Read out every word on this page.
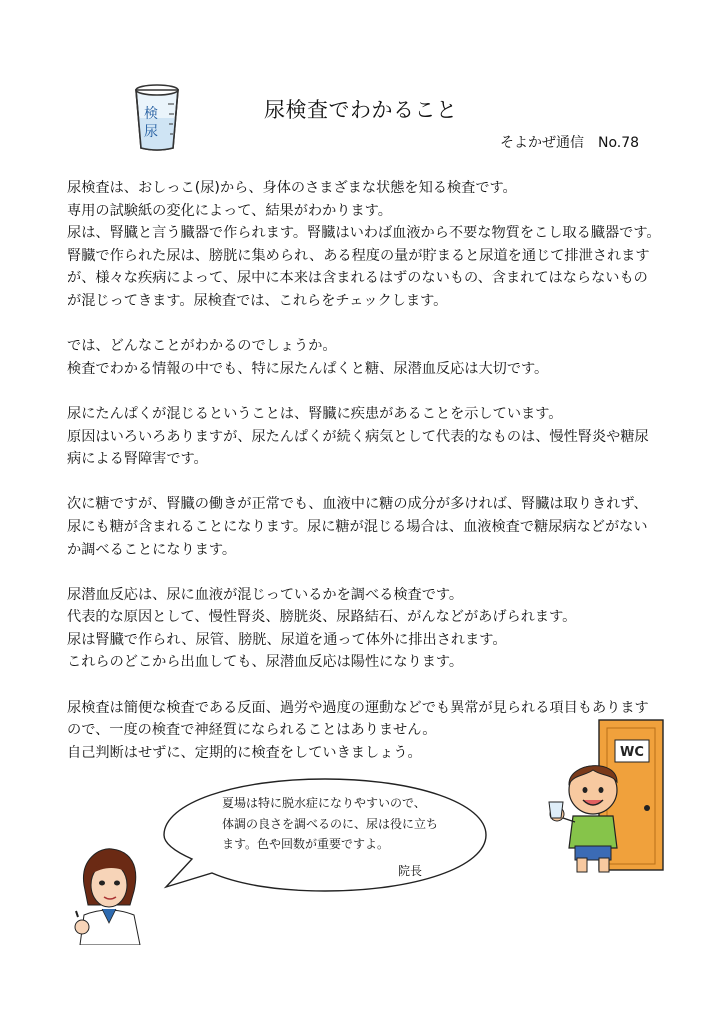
検
尿
尿検査でわかること
そよかぜ通信　No.78

尿検査は、おしっこ(尿)から、身体のさまざまな状態を知る検査です。
専用の試験紙の変化によって、結果がわかります。
尿は、腎臓と言う臓器で作られます。腎臓はいわば血液から不要な物質をこし取る臓器です。
腎臓で作られた尿は、膀胱に集められ、ある程度の量が貯まると尿道を通じて排泄されます
が、様々な疾病によって、尿中に本来は含まれるはずのないもの、含まれてはならないもの
が混じってきます。尿検査では、これらをチェックします。

では、どんなことがわかるのでしょうか。
検査でわかる情報の中でも、特に尿たんぱくと糖、尿潜血反応は大切です。

尿にたんぱくが混じるということは、腎臓に疾患があることを示しています。
原因はいろいろありますが、尿たんぱくが続く病気として代表的なものは、慢性腎炎や糖尿
病による腎障害です。

次に糖ですが、腎臓の働きが正常でも、血液中に糖の成分が多ければ、腎臓は取りきれず、
尿にも糖が含まれることになります。尿に糖が混じる場合は、血液検査で糖尿病などがない
か調べることになります。

尿潜血反応は、尿に血液が混じっているかを調べる検査です。
代表的な原因として、慢性腎炎、膀胱炎、尿路結石、がんなどがあげられます。
尿は腎臓で作られ、尿管、膀胱、尿道を通って体外に排出されます。
これらのどこから出血しても、尿潜血反応は陽性になります。

尿検査は簡便な検査である反面、過労や過度の運動などでも異常が見られる項目もあります
ので、一度の検査で神経質になられることはありません。
自己判断はせずに、定期的に検査をしていきましょう。

夏場は特に脱水症になりやすいので、
体調の良さを調べるのに、尿は役に立ち
ます。色や回数が重要ですよ。
院長
WC
